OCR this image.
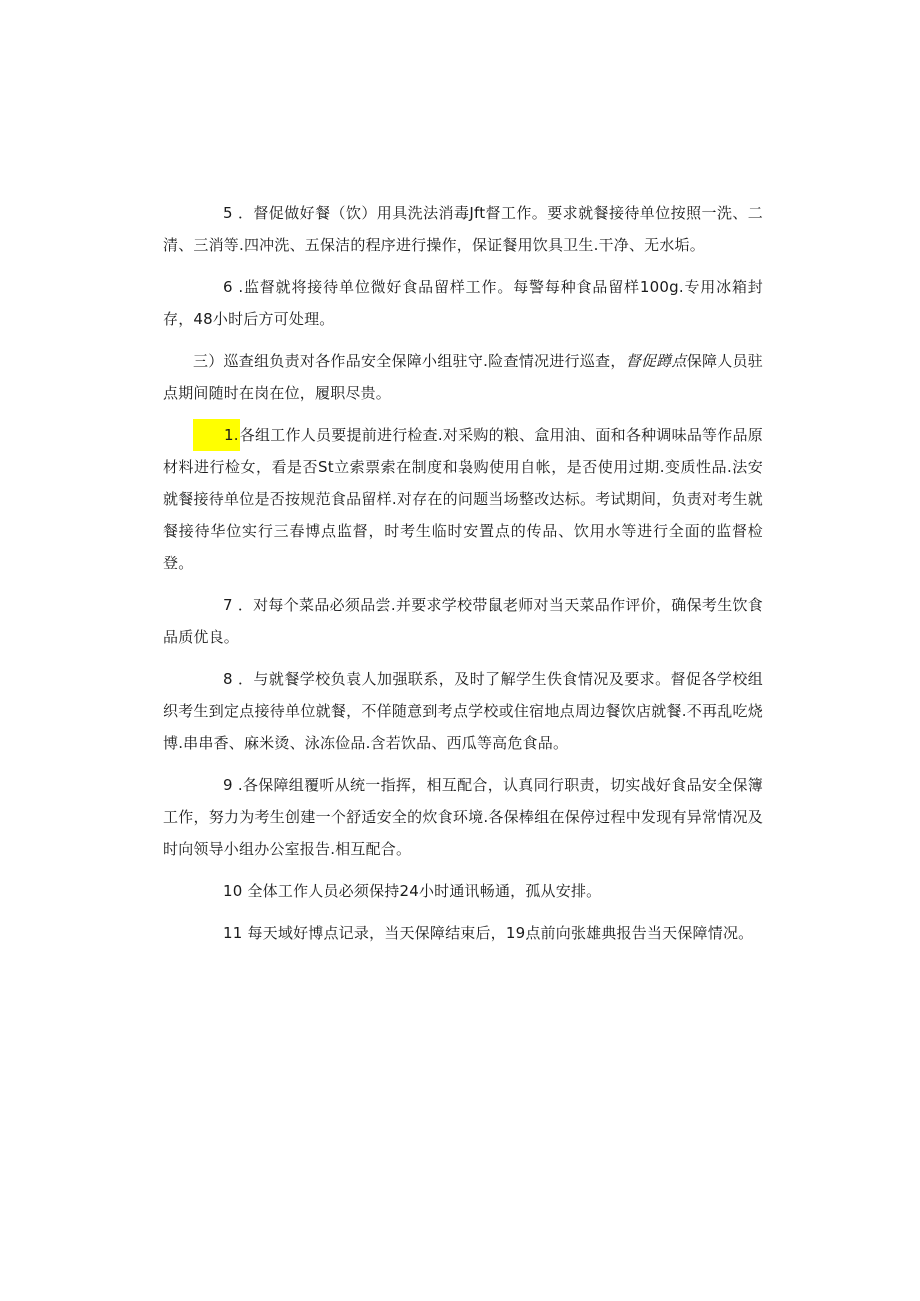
5 ．督促做好餐（饮）用具洗法消毒Jft督工作。要求就餐接待单位按照一洗、二清、三消等.四冲洗、五保洁的程序进行操作，保证餐用饮具卫生.干净、无水垢。

6 .监督就将接待单位微好食品留样工作。每警每种食品留样100g.专用冰箱封存，48小时后方可处理。

三）巡查组负责对各作品安全保障小组驻守.险查情况进行巡查，督促蹲点保障人员驻点期间随时在岗在位，履职尽贵。

1.各组工作人员要提前进行检查.对采购的粮、盒用油、面和各种调味品等作品原材料进行检女，看是否St立索票索在制度和袅购使用自帐，是否使用过期.变质性品.法安就餐接待单位是否按规范食品留样.对存在的问题当场整改达标。考试期间，负责对考生就餐接待华位实行三春博点监督，时考生临时安置点的传品、饮用水等进行全面的监督检登。

7 ．对每个菜品必须品尝.并要求学校带鼠老师对当天菜品作评价，确保考生饮食品质优良。

8 ．与就餐学校负袁人加强联系，及时了解学生佚食情况及要求。督促各学校组织考生到定点接待单位就餐，不佯随意到考点学校或住宿地点周边餐饮店就餐.不再乱吃烧博.串串香、麻米烫、泳冻俭品.含若饮品、西瓜等高危食品。

9 .各保障组覆听从统一指挥，相互配合，认真同行职责，切实战好食品安全保簿工作，努力为考生创建一个舒适安全的炊食环境.各保棒组在保停过程中发现有异常情况及时向领导小组办公室报告.相互配合。

10 全体工作人员必须保持24小时通讯畅通，孤从安排。

11 每天域好博点记录，当天保障结束后，19点前向张雄典报告当天保障情况。
